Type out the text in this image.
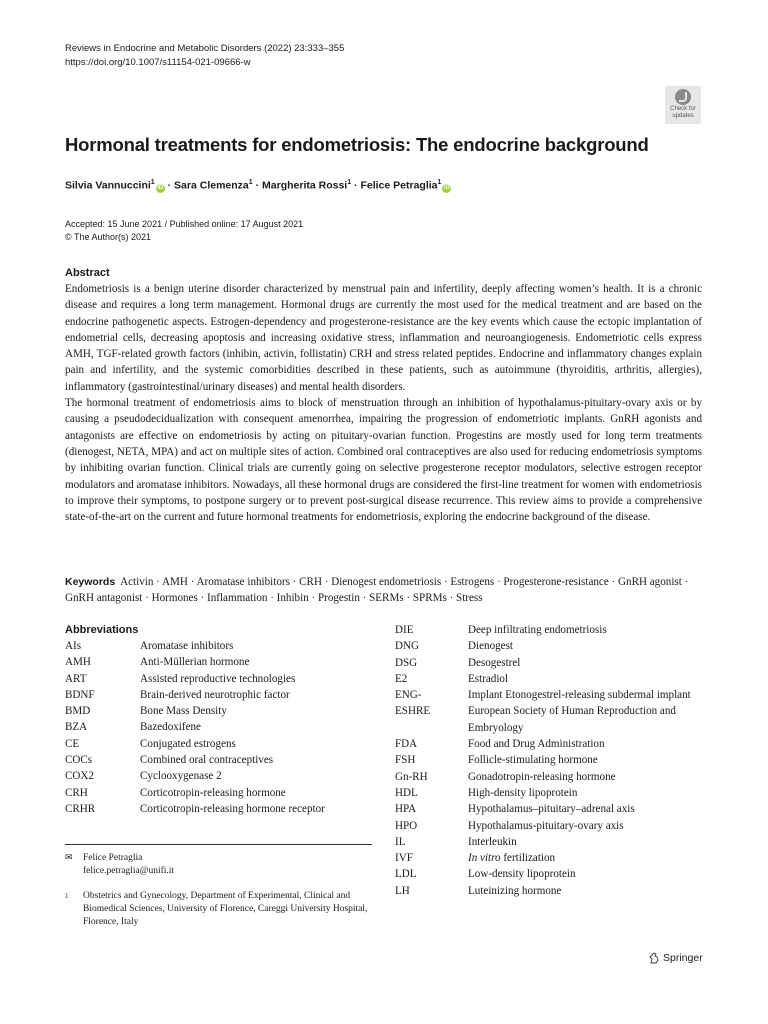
Reviews in Endocrine and Metabolic Disorders (2022) 23:333–355
https://doi.org/10.1007/s11154-021-09666-w
Check for
updates
Hormonal treatments for endometriosis: The endocrine background
Silvia Vannuccini$^1$iD · Sara Clemenza$^1$ · Margherita Rossi$^1$ · Felice Petraglia$^1$iD
Accepted: 15 June 2021 / Published online: 17 August 2021
© The Author(s) 2021
Abstract

Endometriosis is a benign uterine disorder characterized by menstrual pain and infertility, deeply affecting women’s health. It is a chronic disease and requires a long term management. Hormonal drugs are currently the most used for the medical treatment and are based on the endocrine pathogenetic aspects. Estrogen-dependency and progesterone-resistance are the key events which cause the ectopic implantation of endometrial cells, decreasing apoptosis and increasing oxidative stress, inflammation and neuroangiogenesis. Endometriotic cells express AMH, TGF-related growth factors (inhibin, activin, follistatin) CRH and stress related peptides. Endocrine and inflammatory changes explain pain and infertility, and the systemic comorbidities described in these patients, such as autoimmune (thyroiditis, arthritis, allergies), inflammatory (gastrointestinal/urinary diseases) and mental health disorders.

The hormonal treatment of endometriosis aims to block of menstruation through an inhibition of hypothalamus-pituitary-ovary axis or by causing a pseudodecidualization with consequent amenorrhea, impairing the progression of endometriotic implants. GnRH agonists and antagonists are effective on endometriosis by acting on pituitary-ovarian function. Progestins are mostly used for long term treatments (dienogest, NETA, MPA) and act on multiple sites of action. Combined oral contraceptives are also used for reducing endometriosis symptoms by inhibiting ovarian function. Clinical trials are currently going on selective progesterone receptor modulators, selective estrogen receptor modulators and aromatase inhibitors. Nowadays, all these hormonal drugs are considered the first-line treatment for women with endometriosis to improve their symptoms, to postpone surgery or to prevent post-surgical disease recurrence. This review aims to provide a comprehensive state-of-the-art on the current and future hormonal treatments for endometriosis, exploring the endocrine background of the disease.

Keywords Activin · AMH · Aromatase inhibitors · CRH · Dienogest endometriosis · Estrogens · Progesterone-resistance · GnRH agonist · GnRH antagonist · Hormones · Inflammation · Inhibin · Progestin · SERMs · SPRMs · Stress
Abbreviations
AIs	Aromatase inhibitors
AMH	Anti-Müllerian hormone
ART	Assisted reproductive technologies
BDNF	Brain-derived neurotrophic factor
BMD	Bone Mass Density
BZA	Bazedoxifene
CE	Conjugated estrogens
COCs	Combined oral contraceptives
COX2	Cyclooxygenase 2
CRH	Corticotropin-releasing hormone
CRHR	Corticotropin-releasing hormone receptor
DIE	Deep infiltrating endometriosis
DNG	Dienogest
DSG	Desogestrel
E2	Estradiol
ENG-	Implant Etonogestrel-releasing subdermal implant
ESHRE	European Society of Human Reproduction and Embryology
FDA	Food and Drug Administration
FSH	Follicle-stimulating hormone
Gn-RH	Gonadotropin-releasing hormone
HDL	High-density lipoprotein
HPA	Hypothalamus–pituitary–adrenal axis
HPO	Hypothalamus-pituitary-ovary axis
IL	Interleukin
IVF	In vitro fertilization
LDL	Low-density lipoprotein
LH	Luteinizing hormone
✉ Felice Petraglia
felice.petraglia@unifi.it
1	Obstetrics and Gynecology, Department of Experimental, Clinical and Biomedical Sciences, University of Florence, Careggi University Hospital, Florence, Italy
Springer
